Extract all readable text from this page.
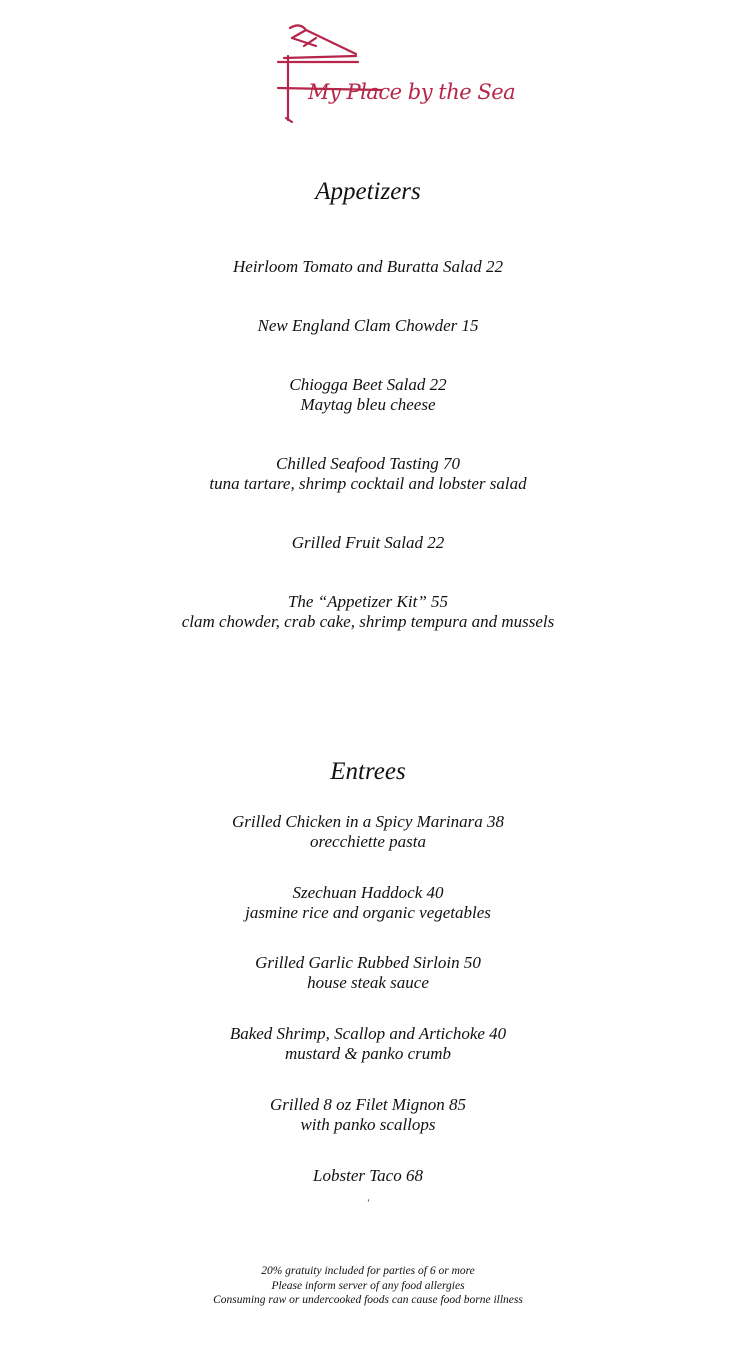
My Place by the Sea
Appetizers
Heirloom Tomato and Buratta Salad 22
New England Clam Chowder 15
Chiogga Beet Salad 22
Maytag bleu cheese
Chilled Seafood Tasting 70
tuna tartare, shrimp cocktail and lobster salad
Grilled Fruit Salad 22
The “Appetizer Kit” 55
clam chowder, crab cake, shrimp tempura and mussels
Entrees
Grilled Chicken in a Spicy Marinara 38
orecchiette pasta
Szechuan Haddock 40
jasmine rice and organic vegetables
Grilled Garlic Rubbed Sirloin 50
house steak sauce
Baked Shrimp, Scallop and Artichoke 40
mustard & panko crumb
Grilled 8 oz Filet Mignon 85
with panko scallops
Lobster Taco 68
‘
20% gratuity included for parties of 6 or more
Please inform server of any food allergies
Consuming raw or undercooked foods can cause food borne illness
